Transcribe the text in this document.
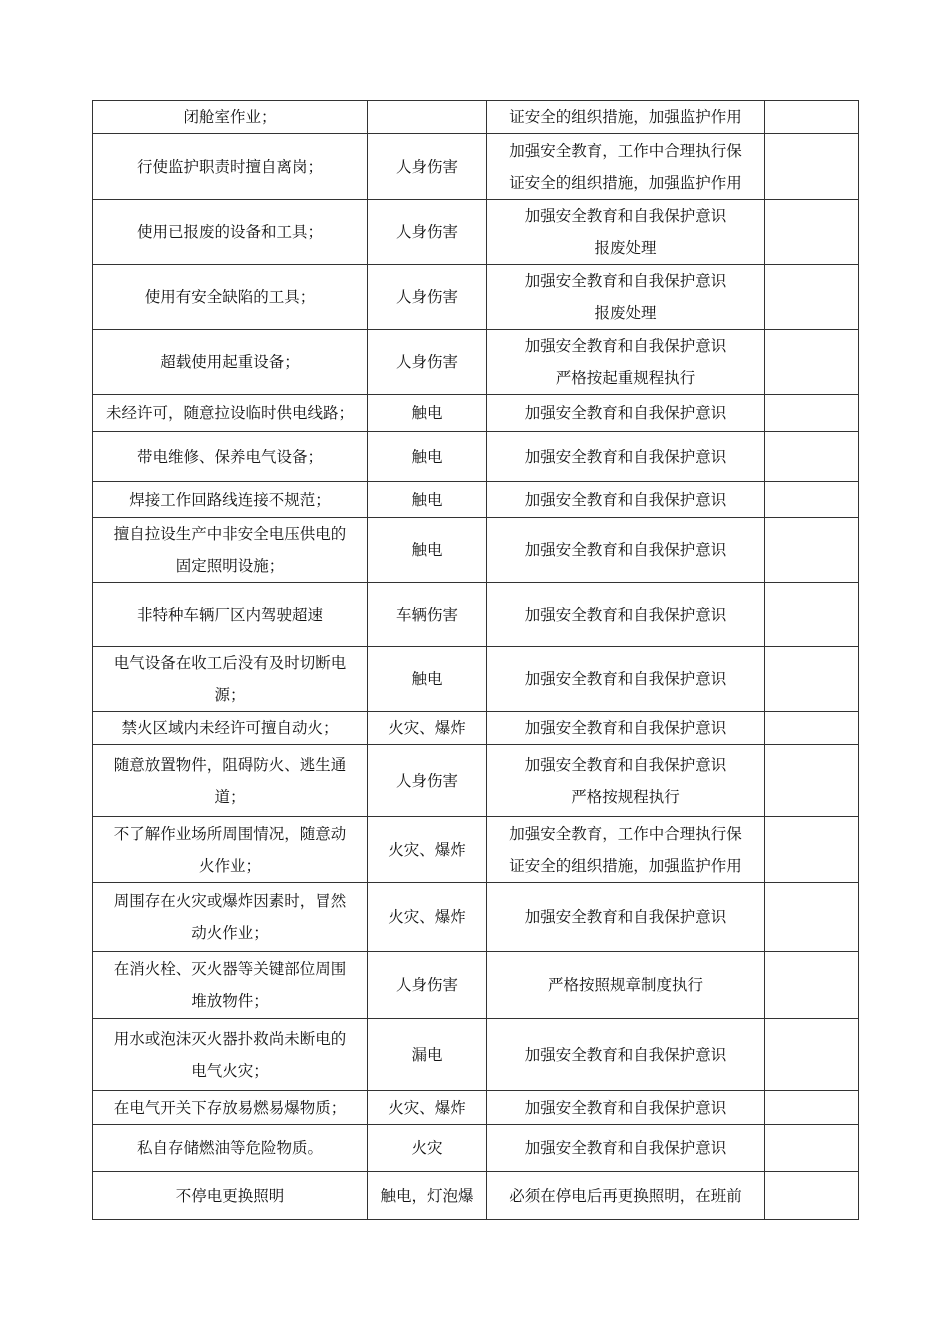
闭舱室作业；		证安全的组织措施，加强监护作用	

行使监护职责时擅自离岗；	人身伤害	加强安全教育，工作中合理执行保
证安全的组织措施，加强监护作用	

使用已报废的设备和工具；	人身伤害	加强安全教育和自我保护意识
报废处理	

使用有安全缺陷的工具；	人身伤害	加强安全教育和自我保护意识
报废处理	

超载使用起重设备；	人身伤害	加强安全教育和自我保护意识
严格按起重规程执行	

未经许可，随意拉设临时供电线路；	触电	加强安全教育和自我保护意识	

带电维修、保养电气设备；	触电	加强安全教育和自我保护意识	

焊接工作回路线连接不规范；	触电	加强安全教育和自我保护意识	

擅自拉设生产中非安全电压供电的
固定照明设施；	触电	加强安全教育和自我保护意识	

非特种车辆厂区内驾驶超速	车辆伤害	加强安全教育和自我保护意识	

电气设备在收工后没有及时切断电
源；	触电	加强安全教育和自我保护意识	

禁火区域内未经许可擅自动火；	火灾、爆炸	加强安全教育和自我保护意识	

随意放置物件，阻碍防火、逃生通
道；	人身伤害	加强安全教育和自我保护意识
严格按规程执行	

不了解作业场所周围情况，随意动
火作业；	火灾、爆炸	加强安全教育，工作中合理执行保
证安全的组织措施，加强监护作用	

周围存在火灾或爆炸因素时，冒然
动火作业；	火灾、爆炸	加强安全教育和自我保护意识	

在消火栓、灭火器等关键部位周围
堆放物件；	人身伤害	严格按照规章制度执行	

用水或泡沫灭火器扑救尚未断电的
电气火灾；	漏电	加强安全教育和自我保护意识	

在电气开关下存放易燃易爆物质；	火灾、爆炸	加强安全教育和自我保护意识	

私自存储燃油等危险物质。	火灾	加强安全教育和自我保护意识	

不停电更换照明	触电，灯泡爆	必须在停电后再更换照明，在班前	
